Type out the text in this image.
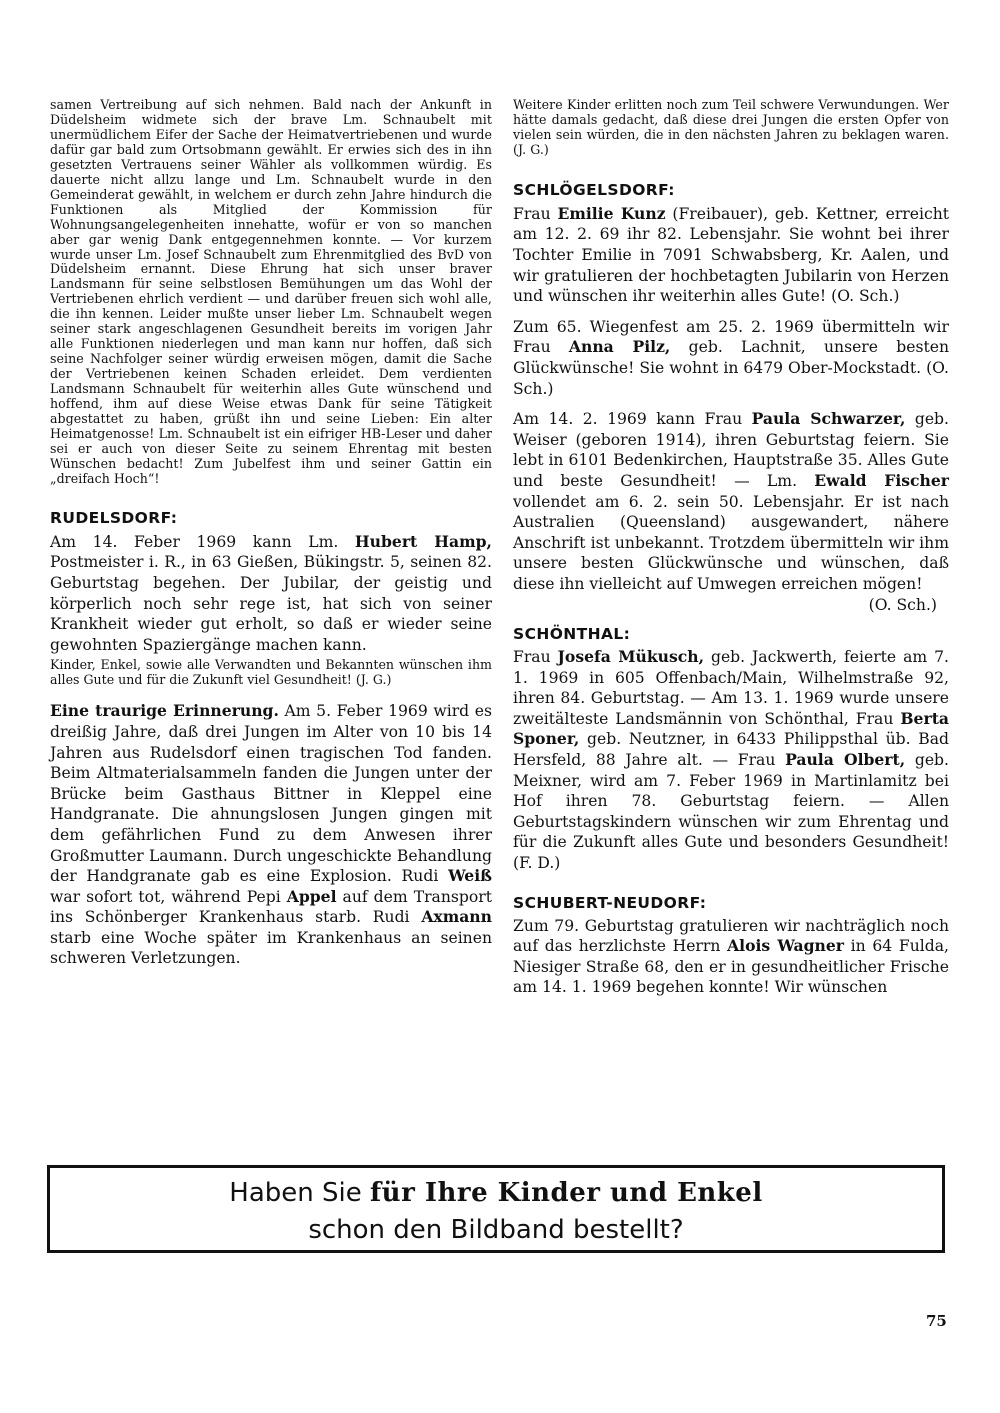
samen Vertreibung auf sich nehmen. Bald nach der Ankunft in Düdelsheim widmete sich der brave Lm. Schnaubelt mit unermüdlichem Eifer der Sache der Heimatvertriebenen und wurde dafür gar bald zum Ortsobmann gewählt. Er erwies sich des in ihn gesetzten Vertrauens seiner Wähler als vollkommen würdig. Es dauerte nicht allzu lange und Lm. Schnaubelt wurde in den Gemeinderat gewählt, in welchem er durch zehn Jahre hindurch die Funktionen als Mitglied der Kommission für Wohnungsangelegenheiten innehatte, wofür er von so manchen aber gar wenig Dank entgegennehmen konnte. — Vor kurzem wurde unser Lm. Josef Schnaubelt zum Ehrenmitglied des BvD von Düdelsheim ernannt. Diese Ehrung hat sich unser braver Landsmann für seine selbstlosen Bemühungen um das Wohl der Vertriebenen ehrlich verdient — und darüber freuen sich wohl alle, die ihn kennen. Leider mußte unser lieber Lm. Schnaubelt wegen seiner stark angeschlagenen Gesundheit bereits im vorigen Jahr alle Funktionen niederlegen und man kann nur hoffen, daß sich seine Nachfolger seiner würdig erweisen mögen, damit die Sache der Vertriebenen keinen Schaden erleidet. Dem verdienten Landsmann Schnaubelt für weiterhin alles Gute wünschend und hoffend, ihm auf diese Weise etwas Dank für seine Tätigkeit abgestattet zu haben, grüßt ihn und seine Lieben: Ein alter Heimatgenosse! Lm. Schnaubelt ist ein eifriger HB-Leser und daher sei er auch von dieser Seite zu seinem Ehrentag mit besten Wünschen bedacht! Zum Jubelfest ihm und seiner Gattin ein „dreifach Hoch“!

RUDELSDORF:

Am 14. Feber 1969 kann Lm. Hubert Hamp, Postmeister i. R., in 63 Gießen, Bükingstr. 5, seinen 82. Geburtstag begehen. Der Jubilar, der geistig und körperlich noch sehr rege ist, hat sich von seiner Krankheit wieder gut erholt, so daß er wieder seine gewohnten Spaziergänge machen kann.

Kinder, Enkel, sowie alle Verwandten und Bekannten wünschen ihm alles Gute und für die Zukunft viel Gesundheit! (J. G.)

Eine traurige Erinnerung. Am 5. Feber 1969 wird es dreißig Jahre, daß drei Jungen im Alter von 10 bis 14 Jahren aus Rudelsdorf einen tragischen Tod fanden. Beim Altmaterialsammeln fanden die Jungen unter der Brücke beim Gasthaus Bittner in Kleppel eine Handgranate. Die ahnungslosen Jungen gingen mit dem gefährlichen Fund zu dem Anwesen ihrer Großmutter Laumann. Durch ungeschickte Behandlung der Handgranate gab es eine Explosion. Rudi Weiß war sofort tot, während Pepi Appel auf dem Transport ins Schönberger Krankenhaus starb. Rudi Axmann starb eine Woche später im Krankenhaus an seinen schweren Verletzungen.

Weitere Kinder erlitten noch zum Teil schwere Verwundungen. Wer hätte damals gedacht, daß diese drei Jungen die ersten Opfer von vielen sein würden, die in den nächsten Jahren zu beklagen waren. (J. G.)

SCHLÖGELSDORF:

Frau Emilie Kunz (Freibauer), geb. Kettner, erreicht am 12. 2. 69 ihr 82. Lebensjahr. Sie wohnt bei ihrer Tochter Emilie in 7091 Schwabsberg, Kr. Aalen, und wir gratulieren der hochbetagten Jubilarin von Herzen und wünschen ihr weiterhin alles Gute! (O. Sch.)

Zum 65. Wiegenfest am 25. 2. 1969 übermitteln wir Frau Anna Pilz, geb. Lachnit, unsere besten Glückwünsche! Sie wohnt in 6479 Ober-Mockstadt. (O. Sch.)

Am 14. 2. 1969 kann Frau Paula Schwarzer, geb. Weiser (geboren 1914), ihren Geburtstag feiern. Sie lebt in 6101 Bedenkirchen, Hauptstraße 35. Alles Gute und beste Gesundheit! — Lm. Ewald Fischer vollendet am 6. 2. sein 50. Lebensjahr. Er ist nach Australien (Queensland) ausgewandert, nähere Anschrift ist unbekannt. Trotzdem übermitteln wir ihm unsere besten Glückwünsche und wünschen, daß diese ihn vielleicht auf Umwegen erreichen mögen!

(O. Sch.)

SCHÖNTHAL:

Frau Josefa Mükusch, geb. Jackwerth, feierte am 7. 1. 1969 in 605 Offenbach/Main, Wilhelmstraße 92, ihren 84. Geburtstag. — Am 13. 1. 1969 wurde unsere zweitälteste Landsmännin von Schönthal, Frau Berta Sponer, geb. Neutzner, in 6433 Philippsthal üb. Bad Hersfeld, 88 Jahre alt. — Frau Paula Olbert, geb. Meixner, wird am 7. Feber 1969 in Martinlamitz bei Hof ihren 78. Geburtstag feiern. — Allen Geburtstagskindern wünschen wir zum Ehrentag und für die Zukunft alles Gute und besonders Gesundheit! (F. D.)

SCHUBERT-NEUDORF:

Zum 79. Geburtstag gratulieren wir nachträglich noch auf das herzlichste Herrn Alois Wagner in 64 Fulda, Niesiger Straße 68, den er in gesundheitlicher Frische am 14. 1. 1969 begehen konnte! Wir wünschen

Haben Sie für Ihre Kinder und Enkel
schon den Bildband bestellt?
75
